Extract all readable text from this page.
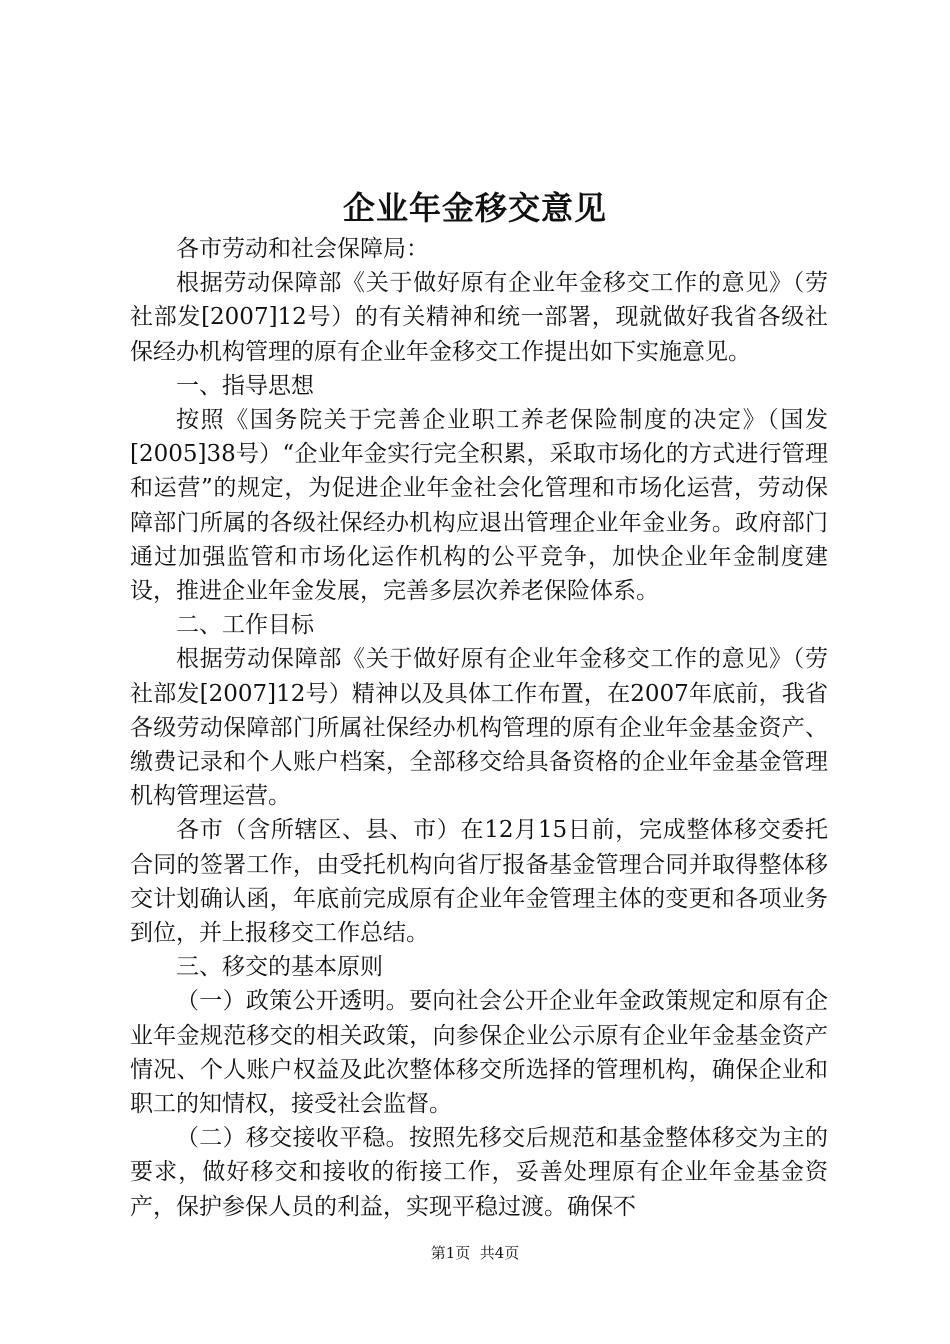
企业年金移交意见

各市劳动和社会保障局：

根据劳动保障部《关于做好原有企业年金移交工作的意见》（劳社部发[2007]12号）的有关精神和统一部署，现就做好我省各级社保经办机构管理的原有企业年金移交工作提出如下实施意见。

一、指导思想

按照《国务院关于完善企业职工养老保险制度的决定》（国发[2005]38号）“企业年金实行完全积累，采取市场化的方式进行管理和运营”的规定，为促进企业年金社会化管理和市场化运营，劳动保障部门所属的各级社保经办机构应退出管理企业年金业务。政府部门通过加强监管和市场化运作机构的公平竞争，加快企业年金制度建设，推进企业年金发展，完善多层次养老保险体系。

二、工作目标

根据劳动保障部《关于做好原有企业年金移交工作的意见》（劳社部发[2007]12号）精神以及具体工作布置，在2007年底前，我省各级劳动保障部门所属社保经办机构管理的原有企业年金基金资产、缴费记录和个人账户档案，全部移交给具备资格的企业年金基金管理机构管理运营。

各市（含所辖区、县、市）在12月15日前，完成整体移交委托合同的签署工作，由受托机构向省厅报备基金管理合同并取得整体移交计划确认函，年底前完成原有企业年金管理主体的变更和各项业务到位，并上报移交工作总结。

三、移交的基本原则

（一）政策公开透明。要向社会公开企业年金政策规定和原有企业年金规范移交的相关政策，向参保企业公示原有企业年金基金资产情况、个人账户权益及此次整体移交所选择的管理机构，确保企业和职工的知情权，接受社会监督。

（二）移交接收平稳。按照先移交后规范和基金整体移交为主的要求，做好移交和接收的衔接工作，妥善处理原有企业年金基金资产，保护参保人员的利益，实现平稳过渡。确保不

第1页  共4页
